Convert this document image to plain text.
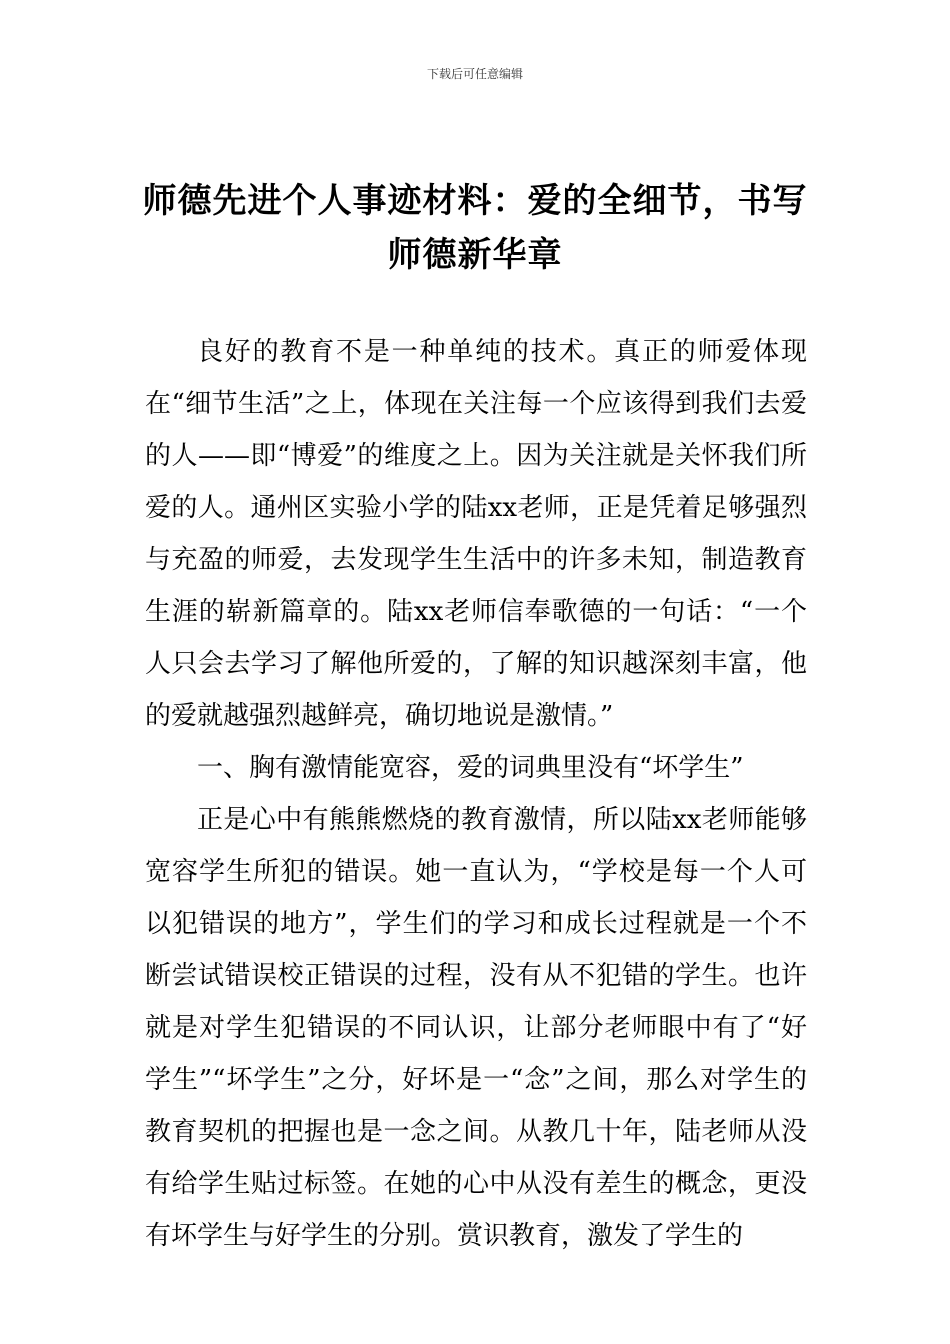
下载后可任意编辑
师德先进个人事迹材料：爱的全细节，书写师德新华章

良好的教育不是一种单纯的技术。真正的师爱体现在“细节生活”之上，体现在关注每一个应该得到我们去爱的人——即“博爱”的维度之上。因为关注就是关怀我们所爱的人。通州区实验小学的陆xx老师，正是凭着足够强烈与充盈的师爱，去发现学生生活中的许多未知，制造教育生涯的崭新篇章的。陆xx老师信奉歌德的一句话：“一个人只会去学习了解他所爱的，了解的知识越深刻丰富，他的爱就越强烈越鲜亮，确切地说是激情。”

一、胸有激情能宽容，爱的词典里没有“坏学生”

正是心中有熊熊燃烧的教育激情，所以陆xx老师能够宽容学生所犯的错误。她一直认为，“学校是每一个人可以犯错误的地方”，学生们的学习和成长过程就是一个不断尝试错误校正错误的过程，没有从不犯错的学生。也许就是对学生犯错误的不同认识，让部分老师眼中有了“好学生”“坏学生”之分，好坏是一“念”之间，那么对学生的教育契机的把握也是一念之间。从教几十年，陆老师从没有给学生贴过标签。在她的心中从没有差生的概念，更没有坏学生与好学生的分别。赏识教育，激发了学生的
